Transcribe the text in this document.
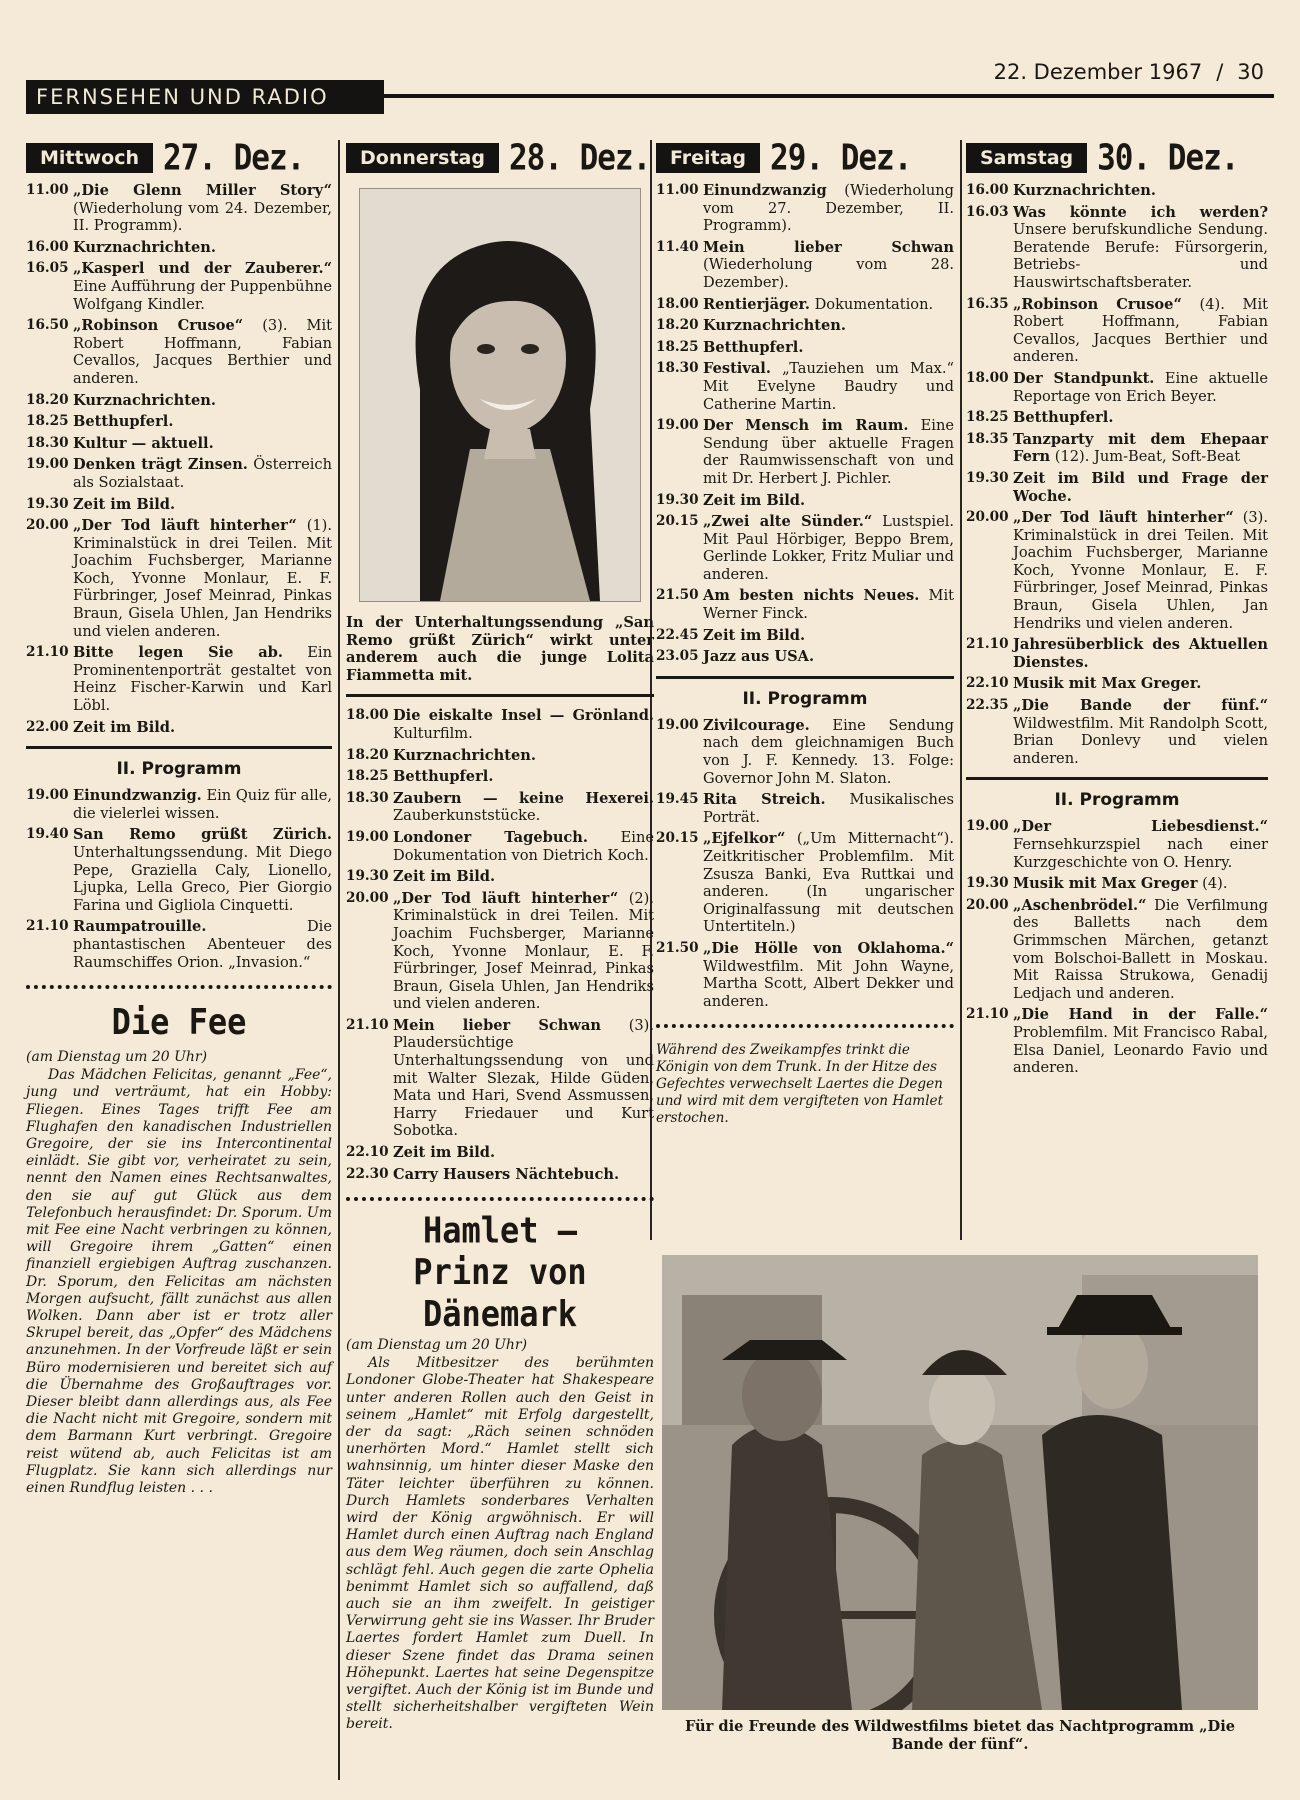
FERNSEHEN UND RADIO
22. Dezember 1967 / 30
Mittwoch 27. Dez.
11.00 „Die Glenn Miller Story“ (Wiederholung vom 24. Dezember, II. Programm).
16.00 Kurznachrichten.
16.05 „Kasperl und der Zauberer.“ Eine Aufführung der Puppenbühne Wolfgang Kindler.
16.50 „Robinson Crusoe“ (3). Mit Robert Hoffmann, Fabian Cevallos, Jacques Berthier und anderen.
18.20 Kurznachrichten.
18.25 Betthupferl.
18.30 Kultur — aktuell.
19.00 Denken trägt Zinsen. Österreich als Sozialstaat.
19.30 Zeit im Bild.
20.00 „Der Tod läuft hinterher“ (1). Kriminalstück in drei Teilen. Mit Joachim Fuchsberger, Marianne Koch, Yvonne Monlaur, E. F. Fürbringer, Josef Meinrad, Pinkas Braun, Gisela Uhlen, Jan Hendriks und vielen anderen.
21.10 Bitte legen Sie ab. Ein Prominentenporträt gestaltet von Heinz Fischer-Karwin und Karl Löbl.
22.00 Zeit im Bild.
II. Programm
19.00 Einundzwanzig. Ein Quiz für alle, die vielerlei wissen.
19.40 San Remo grüßt Zürich. Unterhaltungssendung. Mit Diego Pepe, Graziella Caly, Lionello, Ljupka, Lella Greco, Pier Giorgio Farina und Gigliola Cinquetti.
21.10 Raumpatrouille.	Die phantastischen Abenteuer des Raumschiffes Orion. „Invasion.“
Die Fee
(am Dienstag um 20 Uhr)
Das Mädchen Felicitas, genannt „Fee“, jung und verträumt, hat ein Hobby: Fliegen. Eines Tages trifft Fee am Flughafen den kanadischen Industriellen Gregoire, der sie ins Intercontinental einlädt. Sie gibt vor, verheiratet zu sein, nennt den Namen eines Rechtsanwaltes, den sie auf gut Glück aus dem Telefonbuch herausfindet: Dr. Sporum. Um mit Fee eine Nacht verbringen zu können, will Gregoire ihrem „Gatten“ einen finanziell ergiebigen Auftrag zuschanzen. Dr. Sporum, den Felicitas am nächsten Morgen aufsucht, fällt zunächst aus allen Wolken. Dann aber ist er trotz aller Skrupel bereit, das „Opfer“ des Mädchens anzunehmen. In der Vorfreude läßt er sein Büro modernisieren und bereitet sich auf die Übernahme des Großauftrages vor. Dieser bleibt dann allerdings aus, als Fee die Nacht nicht mit Gregoire, sondern mit dem Barmann Kurt verbringt. Gregoire reist wütend ab, auch Felicitas ist am Flugplatz. Sie kann sich allerdings nur einen Rundflug leisten . . .
Donnerstag 28. Dez.
In der Unterhaltungssendung „San Remo grüßt Zürich“ wirkt unter anderem auch die junge Lolita Fiammetta mit.
18.00 Die eiskalte Insel — Grönland. Kulturfilm.
18.20 Kurznachrichten.
18.25 Betthupferl.
18.30 Zaubern — keine Hexerei. Zauberkunststücke.
19.00 Londoner Tagebuch. Eine Dokumentation von Dietrich Koch.
19.30 Zeit im Bild.
20.00 „Der Tod läuft hinterher“ (2). Kriminalstück in drei Teilen. Mit Joachim Fuchsberger, Marianne Koch, Yvonne Monlaur, E. F. Fürbringer, Josef Meinrad, Pinkas Braun, Gisela Uhlen, Jan Hendriks und vielen anderen.
21.10 Mein lieber Schwan (3). Plaudersüchtige Unterhaltungssendung von und mit Walter Slezak, Hilde Güden, Mata und Hari, Svend Assmussen, Harry Friedauer und Kurt Sobotka.
22.10 Zeit im Bild.
22.30 Carry Hausers Nächtebuch.
Hamlet —
Prinz von Dänemark
(am Dienstag um 20 Uhr)
Als Mitbesitzer des berühmten Londoner Globe-Theater hat Shakespeare unter anderen Rollen auch den Geist in seinem „Hamlet“ mit Erfolg dargestellt, der da sagt: „Räch seinen schnöden unerhörten Mord.“ Hamlet stellt sich wahnsinnig, um hinter dieser Maske den Täter leichter überführen zu können. Durch Hamlets sonderbares Verhalten wird der König argwöhnisch. Er will Hamlet durch einen Auftrag nach England aus dem Weg räumen, doch sein Anschlag schlägt fehl. Auch gegen die zarte Ophelia benimmt Hamlet sich so auffallend, daß auch sie an ihm zweifelt. In geistiger Verwirrung geht sie ins Wasser. Ihr Bruder Laertes fordert Hamlet zum Duell. In dieser Szene findet das Drama seinen Höhepunkt. Laertes hat seine Degenspitze vergiftet. Auch der König ist im Bunde und stellt sicherheitshalber vergifteten Wein bereit.
Freitag 29. Dez.
11.00 Einundzwanzig (Wiederholung vom 27. Dezember, II. Programm).
11.40 Mein lieber Schwan (Wiederholung vom 28. Dezember).
18.00 Rentierjäger. Dokumentation.
18.20 Kurznachrichten.
18.25 Betthupferl.
18.30 Festival. „Tauziehen um Max.“ Mit Evelyne Baudry und Catherine Martin.
19.00 Der Mensch im Raum. Eine Sendung über aktuelle Fragen der Raumwissenschaft von und mit Dr. Herbert J. Pichler.
19.30 Zeit im Bild.
20.15 „Zwei alte Sünder.“ Lustspiel. Mit Paul Hörbiger, Beppo Brem, Gerlinde Lokker, Fritz Muliar und anderen.
21.50 Am besten nichts Neues. Mit Werner Finck.
22.45 Zeit im Bild.
23.05 Jazz aus USA.
II. Programm
19.00 Zivilcourage. Eine Sendung nach dem gleichnamigen Buch von J. F. Kennedy. 13. Folge: Governor John M. Slaton.
19.45 Rita Streich. Musikalisches Porträt.
20.15 „Ejfelkor“ („Um Mitternacht“). Zeitkritischer Problemfilm. Mit Zsusza Banki, Eva Ruttkai und anderen. (In ungarischer Originalfassung mit deutschen Untertiteln.)
21.50 „Die Hölle von Oklahoma.“ Wildwestfilm. Mit John Wayne, Martha Scott, Albert Dekker und anderen.
Während des Zweikampfes trinkt die Königin von dem Trunk. In der Hitze des Gefechtes verwechselt Laertes die Degen und wird mit dem vergifteten von Hamlet erstochen.
Samstag 30. Dez.
16.00 Kurznachrichten.
16.03 Was könnte ich werden? Unsere berufskundliche Sendung. Beratende Berufe: Fürsorgerin, Betriebs- und Hauswirtschaftsberater.
16.35 „Robinson Crusoe“ (4). Mit Robert Hoffmann, Fabian Cevallos, Jacques Berthier und anderen.
18.00 Der Standpunkt. Eine aktuelle Reportage von Erich Beyer.
18.25 Betthupferl.
18.35 Tanzparty mit dem Ehepaar Fern (12). Jum-Beat, Soft-Beat
19.30 Zeit im Bild und Frage der Woche.
20.00 „Der Tod läuft hinterher“ (3). Kriminalstück in drei Teilen. Mit Joachim Fuchsberger, Marianne Koch, Yvonne Monlaur, E. F. Fürbringer, Josef Meinrad, Pinkas Braun, Gisela Uhlen, Jan Hendriks und vielen anderen.
21.10 Jahresüberblick des Aktuellen Dienstes.
22.10 Musik mit Max Greger.
22.35 „Die Bande der fünf.“ Wildwestfilm. Mit Randolph Scott, Brian Donlevy und vielen anderen.
II. Programm
19.00 „Der Liebesdienst.“ Fernsehkurzspiel nach einer Kurzgeschichte von O. Henry.
19.30 Musik mit Max Greger (4).
20.00 „Aschenbrödel.“ Die Verfilmung des Balletts nach dem Grimmschen Märchen, getanzt vom Bolschoi-Ballett in Moskau. Mit Raissa Strukowa, Genadij Ledjach und anderen.
21.10 „Die Hand in der Falle.“ Problemfilm. Mit Francisco Rabal, Elsa Daniel, Leonardo Favio und anderen.
Für die Freunde des Wildwestfilms bietet das Nachtprogramm „Die Bande der fünf“.
